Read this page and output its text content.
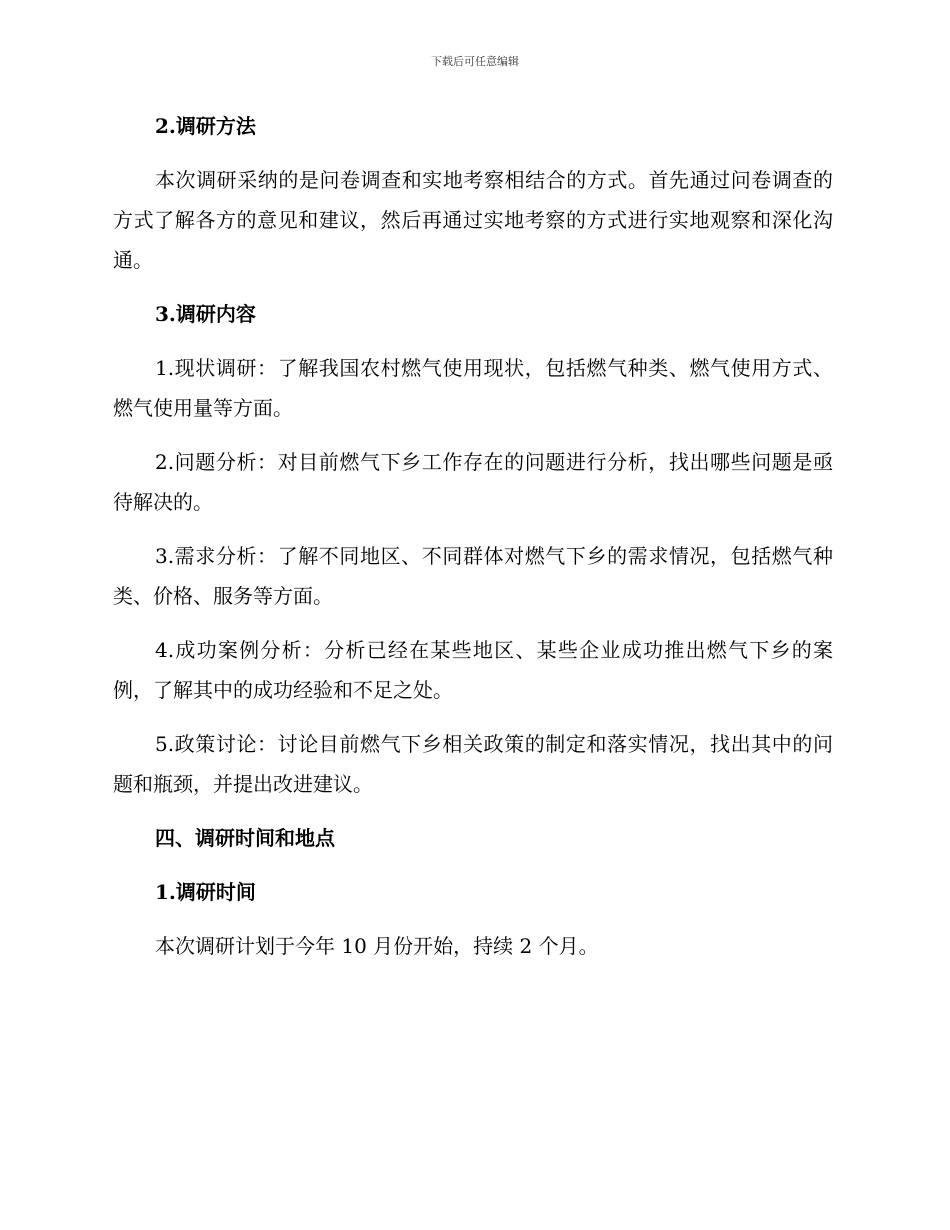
下载后可任意编辑

2.调研方法

本次调研采纳的是问卷调查和实地考察相结合的方式。首先通过问卷调查的方式了解各方的意见和建议，然后再通过实地考察的方式进行实地观察和深化沟通。

3.调研内容

1.现状调研：了解我国农村燃气使用现状，包括燃气种类、燃气使用方式、燃气使用量等方面。

2.问题分析：对目前燃气下乡工作存在的问题进行分析，找出哪些问题是亟待解决的。

3.需求分析：了解不同地区、不同群体对燃气下乡的需求情况，包括燃气种类、价格、服务等方面。

4.成功案例分析：分析已经在某些地区、某些企业成功推出燃气下乡的案例，了解其中的成功经验和不足之处。

5.政策讨论：讨论目前燃气下乡相关政策的制定和落实情况，找出其中的问题和瓶颈，并提出改进建议。

四、调研时间和地点

1.调研时间

本次调研计划于今年 10 月份开始，持续 2 个月。
